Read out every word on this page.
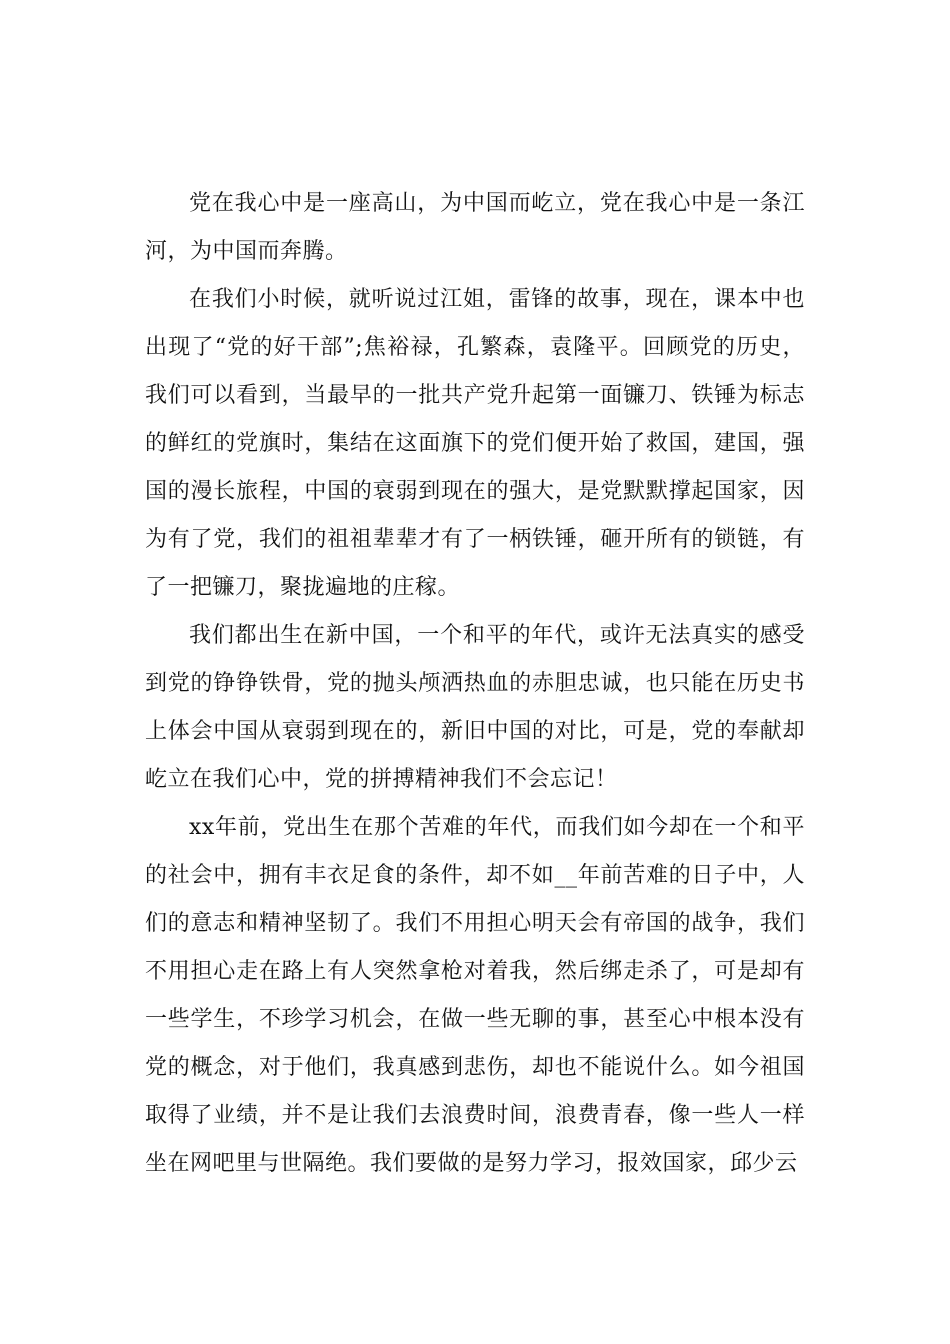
党在我心中是一座高山，为中国而屹立，党在我心中是一条江河，为中国而奔腾。

在我们小时候，就听说过江姐，雷锋的故事，现在，课本中也出现了“党的好干部”;焦裕禄，孔繁森，袁隆平。回顾党的历史，我们可以看到，当最早的一批共产党升起第一面镰刀、铁锤为标志的鲜红的党旗时，集结在这面旗下的党们便开始了救国，建国，强国的漫长旅程，中国的衰弱到现在的强大，是党默默撑起国家，因为有了党，我们的祖祖辈辈才有了一柄铁锤，砸开所有的锁链，有了一把镰刀，聚拢遍地的庄稼。

我们都出生在新中国，一个和平的年代，或许无法真实的感受到党的铮铮铁骨，党的抛头颅洒热血的赤胆忠诚，也只能在历史书上体会中国从衰弱到现在的，新旧中国的对比，可是，党的奉献却屹立在我们心中，党的拼搏精神我们不会忘记！

xx年前，党出生在那个苦难的年代，而我们如今却在一个和平的社会中，拥有丰衣足食的条件，却不如__年前苦难的日子中，人们的意志和精神坚韧了。我们不用担心明天会有帝国的战争，我们不用担心走在路上有人突然拿枪对着我，然后绑走杀了，可是却有一些学生，不珍学习机会，在做一些无聊的事，甚至心中根本没有党的概念，对于他们，我真感到悲伤，却也不能说什么。如今祖国取得了业绩，并不是让我们去浪费时间，浪费青春，像一些人一样坐在网吧里与世隔绝。我们要做的是努力学习，报效国家，邱少云
